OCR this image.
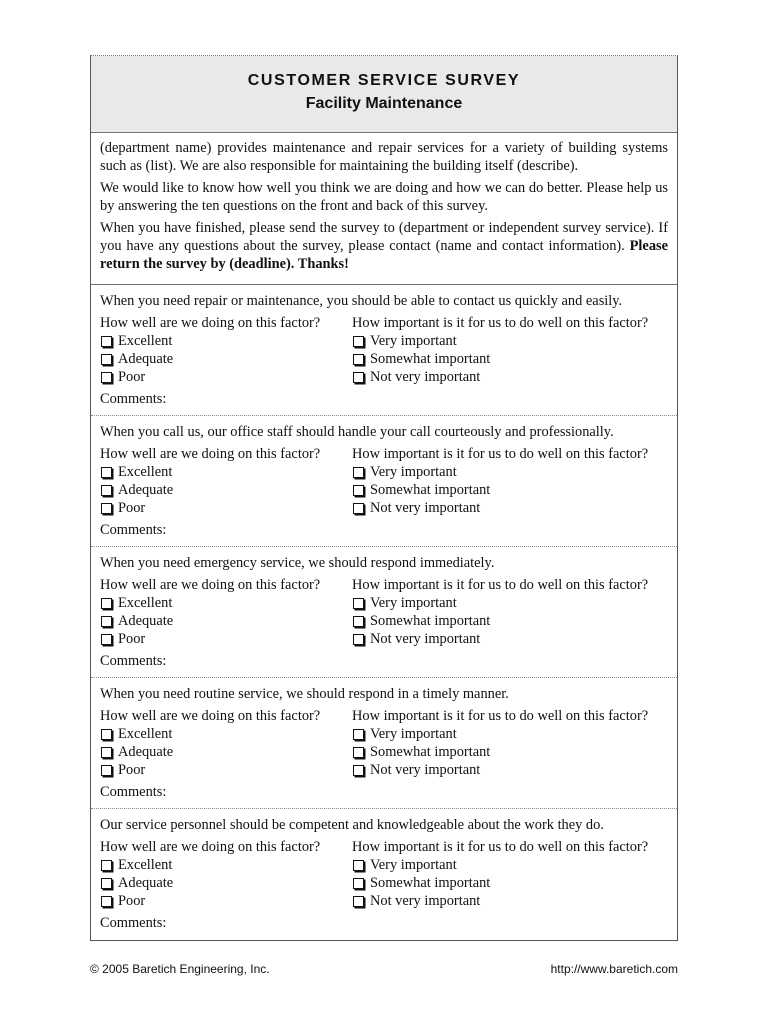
CUSTOMER SERVICE SURVEY
Facility Maintenance

(department name) provides maintenance and repair services for a variety of building systems such as (list). We are also responsible for maintaining the building itself (describe).

We would like to know how well you think we are doing and how we can do better. Please help us by answering the ten questions on the front and back of this survey.

When you have finished, please send the survey to (department or independent survey service). If you have any questions about the survey, please contact (name and contact information). Please return the survey by (deadline). Thanks!

When you need repair or maintenance, you should be able to contact us quickly and easily.
How well are we doing on this factor?
Excellent
Adequate
Poor
How important is it for us to do well on this factor?
Very important
Somewhat important
Not very important
Comments:
When you call us, our office staff should handle your call courteously and professionally.
How well are we doing on this factor?
Excellent
Adequate
Poor
How important is it for us to do well on this factor?
Very important
Somewhat important
Not very important
Comments:
When you need emergency service, we should respond immediately.
How well are we doing on this factor?
Excellent
Adequate
Poor
How important is it for us to do well on this factor?
Very important
Somewhat important
Not very important
Comments:
When you need routine service, we should respond in a timely manner.
How well are we doing on this factor?
Excellent
Adequate
Poor
How important is it for us to do well on this factor?
Very important
Somewhat important
Not very important
Comments:
Our service personnel should be competent and knowledgeable about the work they do.
How well are we doing on this factor?
Excellent
Adequate
Poor
How important is it for us to do well on this factor?
Very important
Somewhat important
Not very important
Comments:
© 2005 Baretich Engineering, Inc.	http://www.baretich.com
